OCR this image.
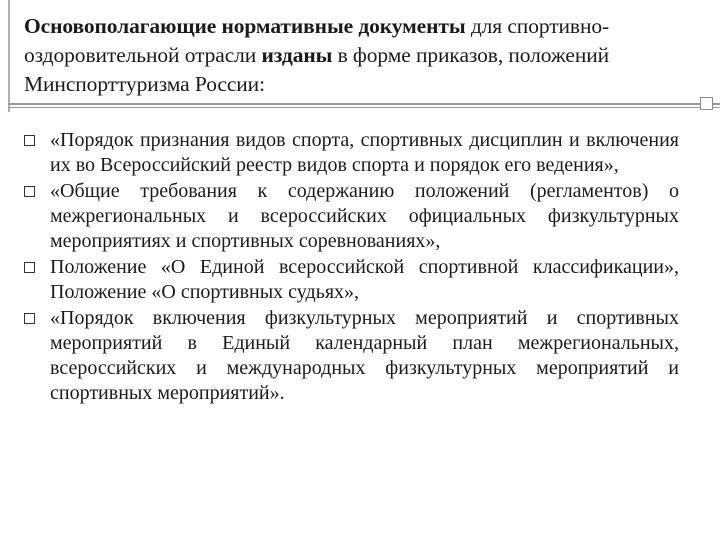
Основополагающие нормативные документы для спортивно-оздоровительной отрасли изданы в форме приказов, положений Минспорттуризма России:
«Порядок признания видов спорта, спортивных дисциплин и включения их во Всероссийский реестр видов спорта и порядок его ведения»,
«Общие требования к содержанию положений (регламентов) о межрегиональных и всероссийских официальных физкультурных мероприятиях и спортивных соревнованиях»,
Положение «О Единой всероссийской спортивной классификации», Положение «О спортивных судьях»,
«Порядок включения физкультурных мероприятий и спортивных мероприятий в Единый календарный план межрегиональных, всероссийских и международных физкультурных мероприятий и спортивных мероприятий».
